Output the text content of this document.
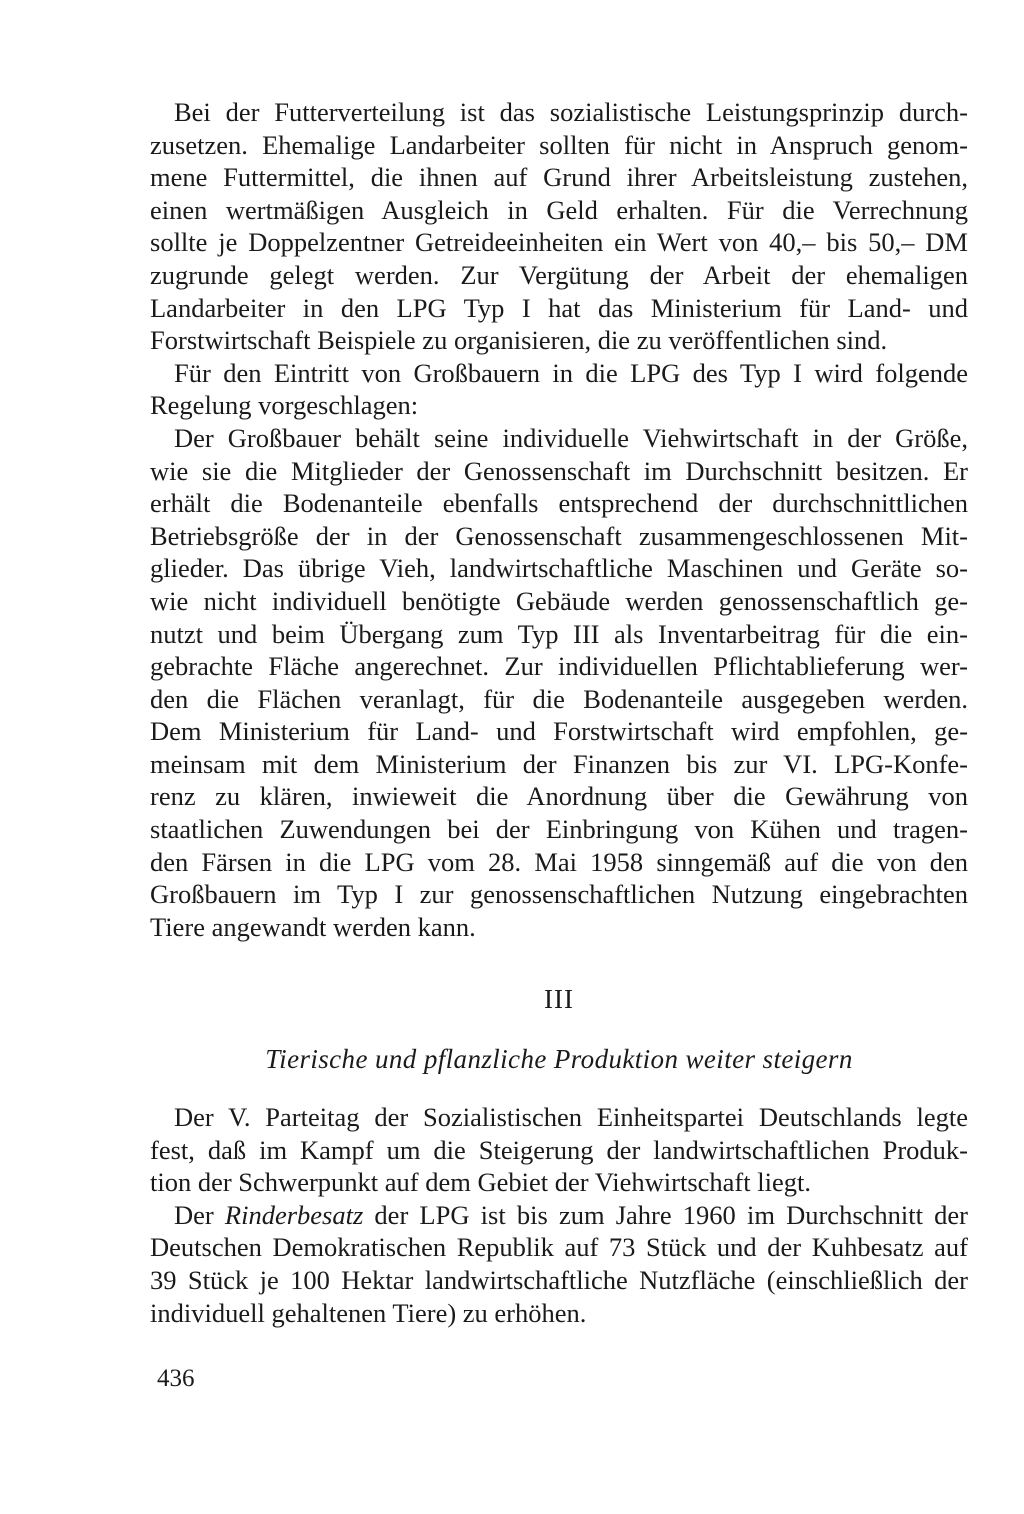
Bei der Futterverteilung ist das sozialistische Leistungsprinzip durch-
zusetzen. Ehemalige Landarbeiter sollten für nicht in Anspruch genom-
mene Futtermittel, die ihnen auf Grund ihrer Arbeitsleistung zustehen,
einen wertmäßigen Ausgleich in Geld erhalten. Für die Verrechnung
sollte je Doppelzentner Getreideeinheiten ein Wert von 40,– bis 50,– DM
zugrunde gelegt werden. Zur Vergütung der Arbeit der ehemaligen
Landarbeiter in den LPG Typ I hat das Ministerium für Land- und
Forstwirtschaft Beispiele zu organisieren, die zu veröffentlichen sind.
Für den Eintritt von Großbauern in die LPG des Typ I wird folgende
Regelung vorgeschlagen:
Der Großbauer behält seine individuelle Viehwirtschaft in der Größe,
wie sie die Mitglieder der Genossenschaft im Durchschnitt besitzen. Er
erhält die Bodenanteile ebenfalls entsprechend der durchschnittlichen
Betriebsgröße der in der Genossenschaft zusammengeschlossenen Mit-
glieder. Das übrige Vieh, landwirtschaftliche Maschinen und Geräte so-
wie nicht individuell benötigte Gebäude werden genossenschaftlich ge-
nutzt und beim Übergang zum Typ III als Inventarbeitrag für die ein-
gebrachte Fläche angerechnet. Zur individuellen Pflichtablieferung wer-
den die Flächen veranlagt, für die Bodenanteile ausgegeben werden.
Dem Ministerium für Land- und Forstwirtschaft wird empfohlen, ge-
meinsam mit dem Ministerium der Finanzen bis zur VI. LPG-Konfe-
renz zu klären, inwieweit die Anordnung über die Gewährung von
staatlichen Zuwendungen bei der Einbringung von Kühen und tragen-
den Färsen in die LPG vom 28. Mai 1958 sinngemäß auf die von den
Großbauern im Typ I zur genossenschaftlichen Nutzung eingebrachten
Tiere angewandt werden kann.
III
Tierische und pflanzliche Produktion weiter steigern
Der V. Parteitag der Sozialistischen Einheitspartei Deutschlands legte
fest, daß im Kampf um die Steigerung der landwirtschaftlichen Produk-
tion der Schwerpunkt auf dem Gebiet der Viehwirtschaft liegt.
Der Rinderbesatz der LPG ist bis zum Jahre 1960 im Durchschnitt der
Deutschen Demokratischen Republik auf 73 Stück und der Kuhbesatz auf
39 Stück je 100 Hektar landwirtschaftliche Nutzfläche (einschließlich der
individuell gehaltenen Tiere) zu erhöhen.
436
